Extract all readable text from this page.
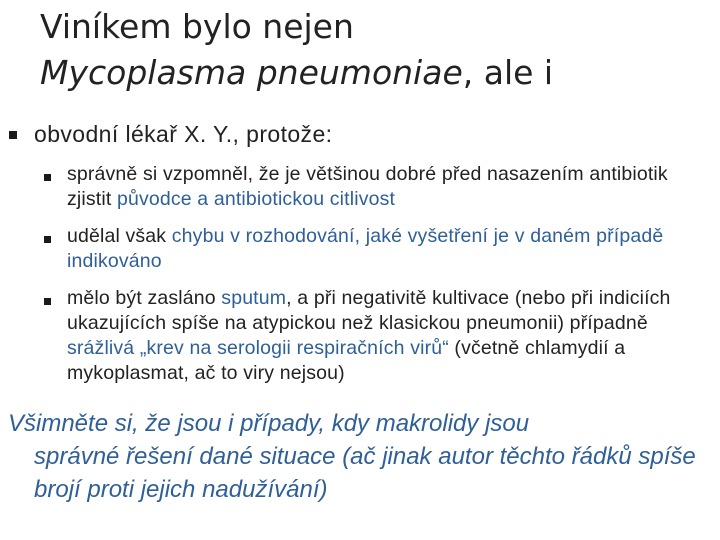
Viníkem bylo nejen
Mycoplasma pneumoniae, ale i
obvodní lékař X. Y., protože:
správně si vzpomněl, že je většinou dobré před nasazením antibiotik zjistit původce a antibiotickou citlivost
udělal však chybu v rozhodování, jaké vyšetření je v daném případě indikováno
mělo být zasláno sputum, a při negativitě kultivace (nebo při indiciích ukazujících spíše na atypickou než klasickou pneumonii) případně srážlivá „krev na serologii respiračních virů“ (včetně chlamydií a mykoplasmat, ač to viry nejsou)
Všimněte si, že jsou i případy, kdy makrolidy jsou
správné řešení dané situace (ač jinak autor těchto řádků spíše brojí proti jejich nadužívání)
